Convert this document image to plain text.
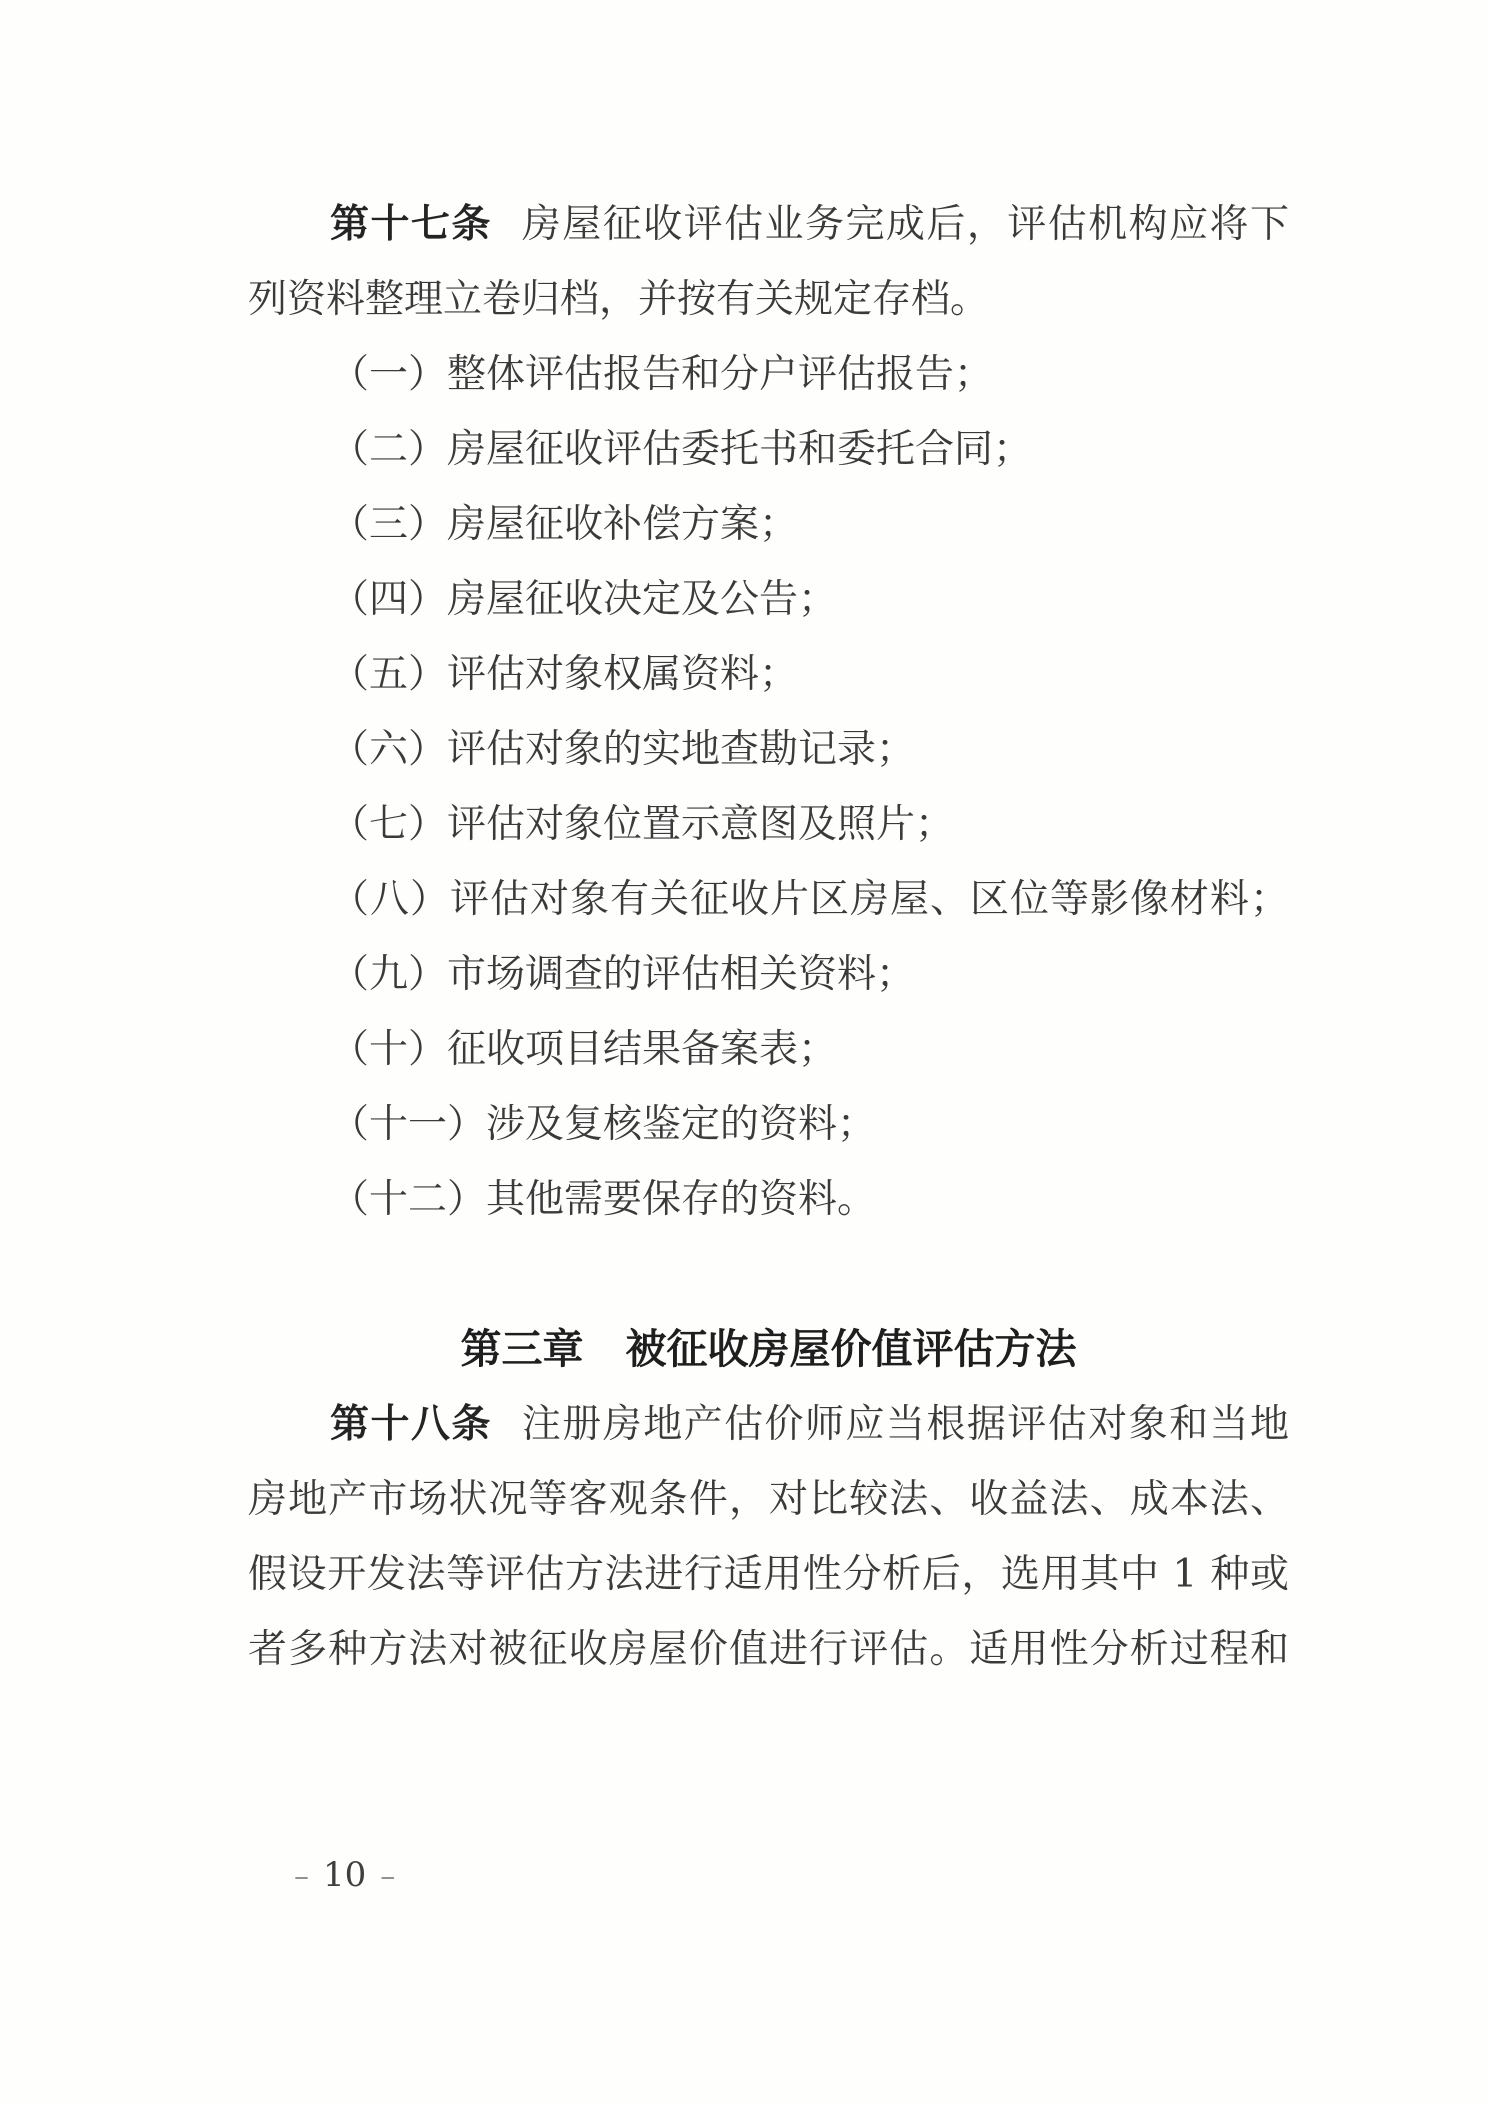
第十七条 房屋征收评估业务完成后，评估机构应将下
列资料整理立卷归档，并按有关规定存档。
（一）整体评估报告和分户评估报告；
（二）房屋征收评估委托书和委托合同；
（三）房屋征收补偿方案；
（四）房屋征收决定及公告；
（五）评估对象权属资料；
（六）评估对象的实地查勘记录；
（七）评估对象位置示意图及照片；
（八）评估对象有关征收片区房屋、区位等影像材料；
（九）市场调查的评估相关资料；
（十）征收项目结果备案表；
（十一）涉及复核鉴定的资料；
（十二）其他需要保存的资料。
第三章 被征收房屋价值评估方法
第十八条 注册房地产估价师应当根据评估对象和当地
房地产市场状况等客观条件，对比较法、收益法、成本法、
假设开发法等评估方法进行适用性分析后，选用其中 1 种或
者多种方法对被征收房屋价值进行评估。适用性分析过程和
– 10 –
